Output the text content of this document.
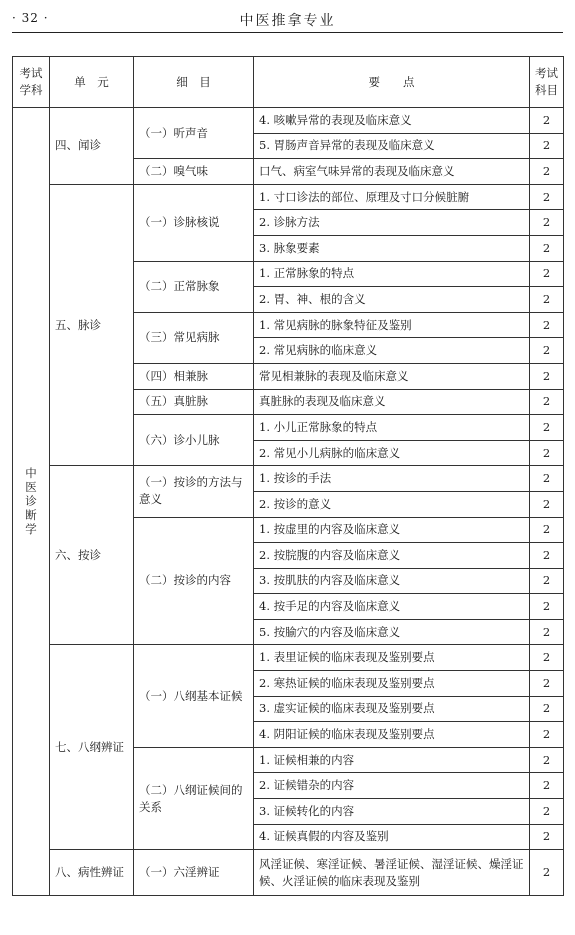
· 32 ·	中医推拿专业
考试学科	单　元	细　目	要　　点	考试科目
中医诊断学	四、闻诊	（一）听声音	4. 咳嗽异常的表现及临床意义	2
			5. 胃肠声音异常的表现及临床意义	2
		（二）嗅气味	口气、病室气味异常的表现及临床意义	2
	五、脉诊	（一）诊脉核说	1. 寸口诊法的部位、原理及寸口分候脏腑	2
			2. 诊脉方法	2
			3. 脉象要素	2
		（二）正常脉象	1. 正常脉象的特点	2
			2. 胃、神、根的含义	2
		（三）常见病脉	1. 常见病脉的脉象特征及鉴别	2
			2. 常见病脉的临床意义	2
		（四）相兼脉	常见相兼脉的表现及临床意义	2
		（五）真脏脉	真脏脉的表现及临床意义	2
		（六）诊小儿脉	1. 小儿正常脉象的特点	2
			2. 常见小儿病脉的临床意义	2
	六、按诊	（一）按诊的方法与意义	1. 按诊的手法	2
			2. 按诊的意义	2
		（二）按诊的内容	1. 按虚里的内容及临床意义	2
			2. 按脘腹的内容及临床意义	2
			3. 按肌肤的内容及临床意义	2
			4. 按手足的内容及临床意义	2
			5. 按腧穴的内容及临床意义	2
	七、八纲辨证	（一）八纲基本证候	1. 表里证候的临床表现及鉴别要点	2
			2. 寒热证候的临床表现及鉴别要点	2
			3. 虚实证候的临床表现及鉴别要点	2
			4. 阴阳证候的临床表现及鉴别要点	2
		（二）八纲证候间的关系	1. 证候相兼的内容	2
			2. 证候错杂的内容	2
			3. 证候转化的内容	2
			4. 证候真假的内容及鉴别	2
	八、病性辨证	（一）六淫辨证	风淫证候、寒淫证候、暑淫证候、湿淫证候、燥淫证候、火淫证候的临床表现及鉴别	2
